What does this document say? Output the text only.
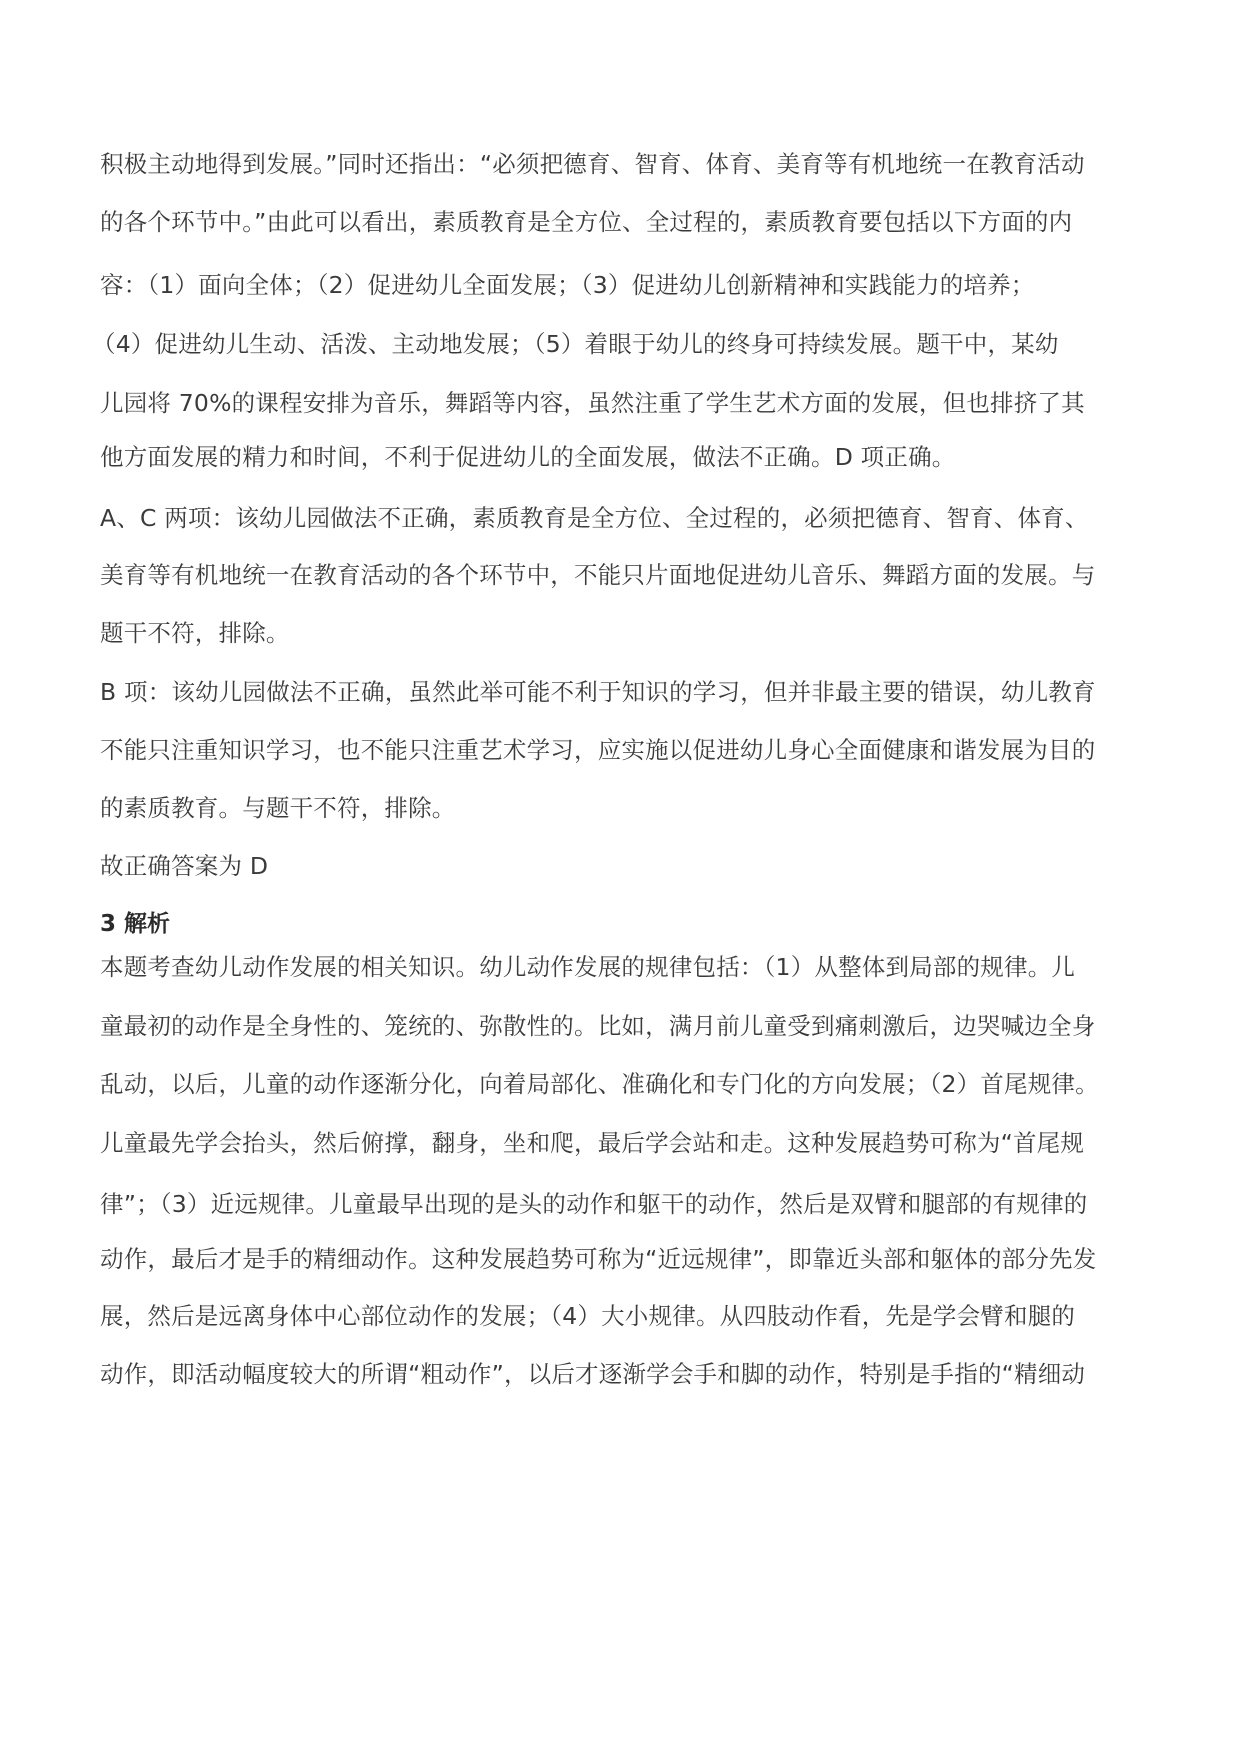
积极主动地得到发展。”同时还指出：“必须把德育、智育、体育、美育等有机地统一在教育活动
的各个环节中。”由此可以看出，素质教育是全方位、全过程的，素质教育要包括以下方面的内
容：（1）面向全体；（2）促进幼儿全面发展；（3）促进幼儿创新精神和实践能力的培养；
（4）促进幼儿生动、活泼、主动地发展；（5）着眼于幼儿的终身可持续发展。题干中，某幼
儿园将 70%的课程安排为音乐，舞蹈等内容，虽然注重了学生艺术方面的发展，但也排挤了其
他方面发展的精力和时间，不利于促进幼儿的全面发展，做法不正确。D 项正确。
A、C 两项：该幼儿园做法不正确，素质教育是全方位、全过程的，必须把德育、智育、体育、
美育等有机地统一在教育活动的各个环节中，不能只片面地促进幼儿音乐、舞蹈方面的发展。与
题干不符，排除。
B 项：该幼儿园做法不正确，虽然此举可能不利于知识的学习，但并非最主要的错误，幼儿教育
不能只注重知识学习，也不能只注重艺术学习，应实施以促进幼儿身心全面健康和谐发展为目的
的素质教育。与题干不符，排除。
故正确答案为 D
3 解析
本题考查幼儿动作发展的相关知识。幼儿动作发展的规律包括：（1）从整体到局部的规律。儿
童最初的动作是全身性的、笼统的、弥散性的。比如，满月前儿童受到痛刺激后，边哭喊边全身
乱动，以后，儿童的动作逐渐分化，向着局部化、准确化和专门化的方向发展；（2）首尾规律。
儿童最先学会抬头，然后俯撑，翻身，坐和爬，最后学会站和走。这种发展趋势可称为“首尾规
律”；（3）近远规律。儿童最早出现的是头的动作和躯干的动作，然后是双臂和腿部的有规律的
动作，最后才是手的精细动作。这种发展趋势可称为“近远规律”，即靠近头部和躯体的部分先发
展，然后是远离身体中心部位动作的发展；（4）大小规律。从四肢动作看，先是学会臂和腿的
动作，即活动幅度较大的所谓“粗动作”，以后才逐渐学会手和脚的动作，特别是手指的“精细动
